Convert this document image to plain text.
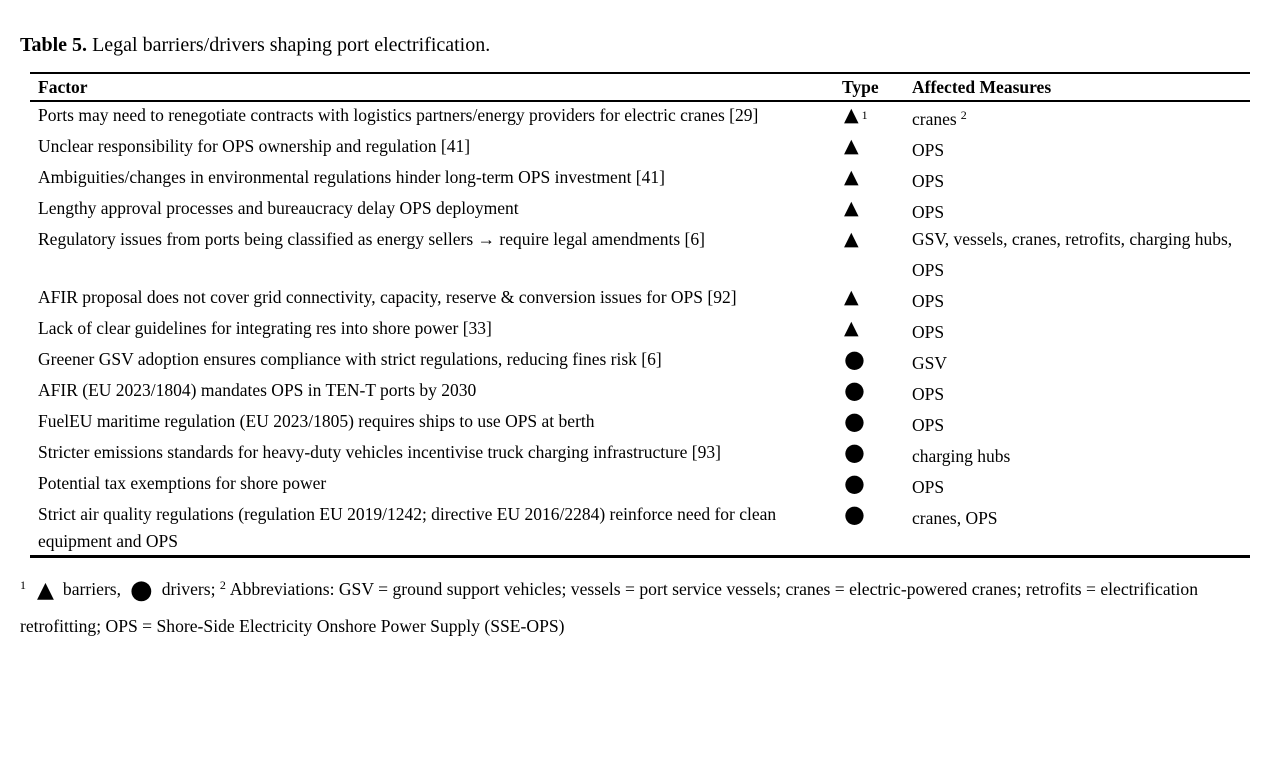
Table 5. Legal barriers/drivers shaping port electrification.

Factor	Type	Affected Measures
Ports may need to renegotiate contracts with logistics partners/energy providers for electric cranes [29]	▲ 1	cranes $^2$
Unclear responsibility for OPS ownership and regulation [41]	▲	OPS
Ambiguities/changes in environmental regulations hinder long-term OPS investment [41]	▲	OPS
Lengthy approval processes and bureaucracy delay OPS deployment	▲	OPS
Regulatory issues from ports being classified as energy sellers → require legal amendments [6]	▲	GSV, vessels, cranes, retrofits, charging hubs, OPS
AFIR proposal does not cover grid connectivity, capacity, reserve & conversion issues for OPS [92]	▲	OPS
Lack of clear guidelines for integrating res into shore power [33]	▲	OPS
Greener GSV adoption ensures compliance with strict regulations, reducing fines risk [6]	●	GSV
AFIR (EU 2023/1804) mandates OPS in TEN-T ports by 2030	●	OPS
FuelEU maritime regulation (EU 2023/1805) requires ships to use OPS at berth	●	OPS
Stricter emissions standards for heavy-duty vehicles incentivise truck charging infrastructure [93]	●	charging hubs
Potential tax exemptions for shore power	●	OPS
Strict air quality regulations (regulation EU 2019/1242; directive EU 2016/2284) reinforce need for clean equipment and OPS	●	cranes, OPS

$^1$ ▲ barriers, ● drivers; $^2$ Abbreviations: GSV = ground support vehicles; vessels = port service vessels; cranes = electric-powered cranes; retrofits = electrification retrofitting; OPS = Shore-Side Electricity Onshore Power Supply (SSE-OPS)
